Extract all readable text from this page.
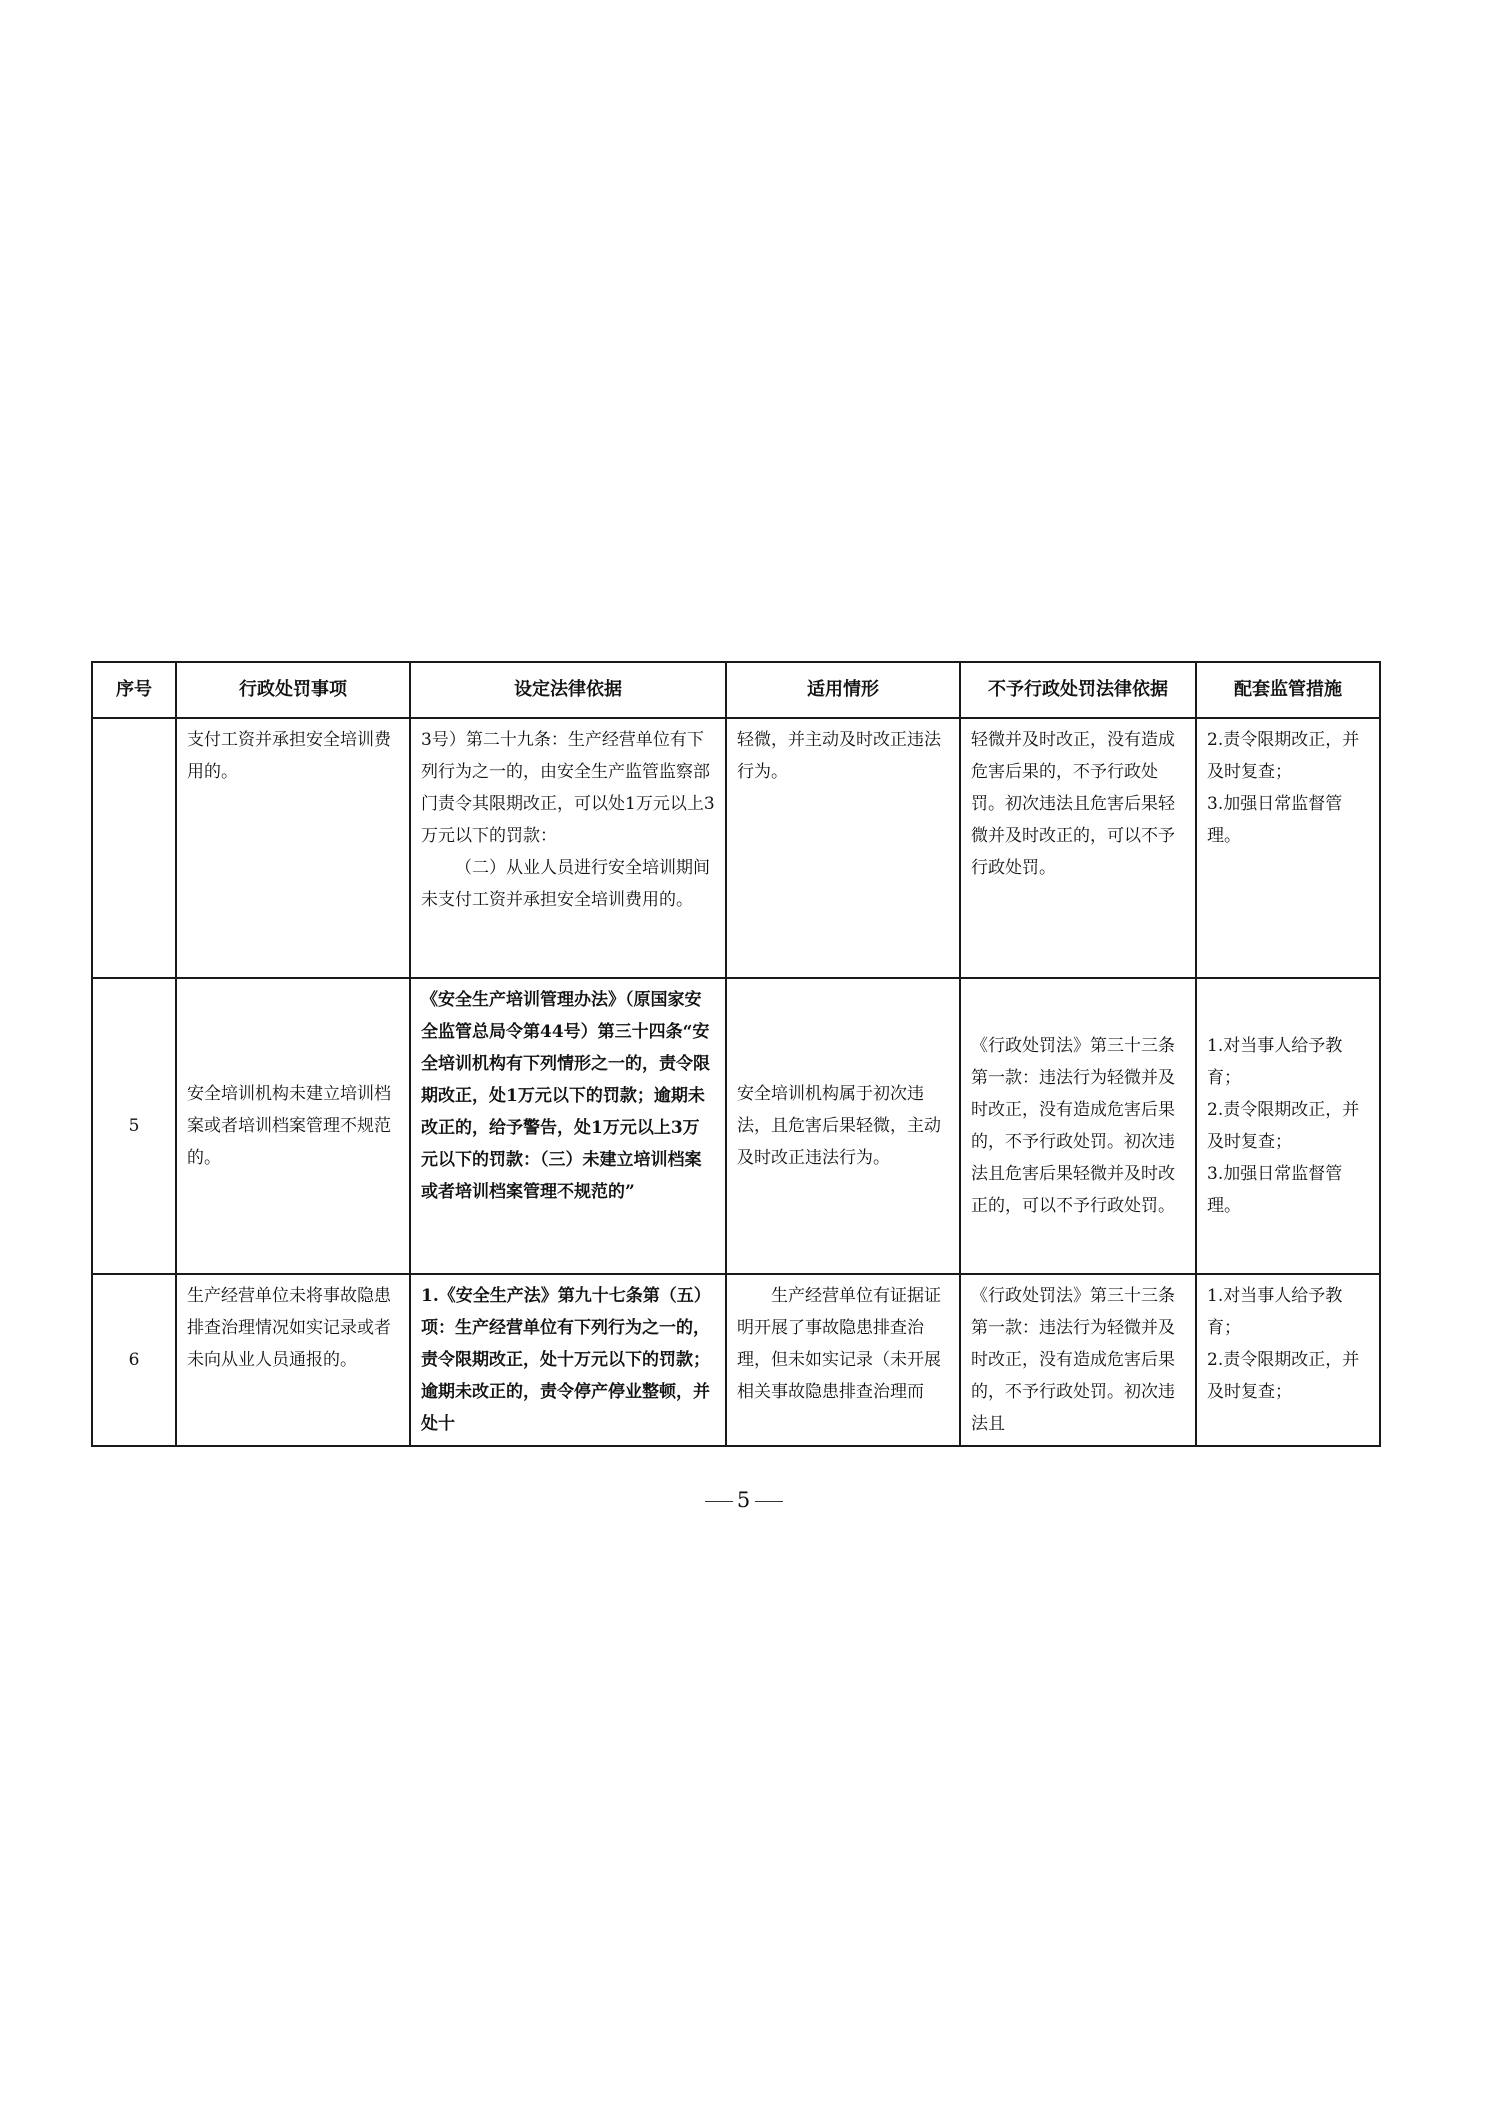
序号	行政处罚事项	设定法律依据	适用情形	不予行政处罚法律依据	配套监管措施
	支付工资并承担安全培训费用的。	3号）第二十九条：生产经营单位有下列行为之一的，由安全生产监管监察部门责令其限期改正，可以处1万元以上3万元以下的罚款：
（二）从业人员进行安全培训期间未支付工资并承担安全培训费用的。	轻微，并主动及时改正违法行为。	轻微并及时改正，没有造成危害后果的，不予行政处罚。初次违法且危害后果轻微并及时改正的，可以不予行政处罚。	2.责令限期改正，并及时复查；
3.加强日常监督管理。

5	安全培训机构未建立培训档案或者培训档案管理不规范的。	《安全生产培训管理办法》（原国家安全监管总局令第44号）第三十四条“安全培训机构有下列情形之一的，责令限期改正，处1万元以下的罚款；逾期未改正的，给予警告，处1万元以上3万元以下的罚款：（三）未建立培训档案或者培训档案管理不规范的”	安全培训机构属于初次违法，且危害后果轻微，主动及时改正违法行为。	《行政处罚法》第三十三条第一款：违法行为轻微并及时改正，没有造成危害后果的，不予行政处罚。初次违法且危害后果轻微并及时改正的，可以不予行政处罚。	1.对当事人给予教育；
2.责令限期改正，并及时复查；
3.加强日常监督管理。

6	生产经营单位未将事故隐患排查治理情况如实记录或者未向从业人员通报的。	1.《安全生产法》第九十七条第（五）项：生产经营单位有下列行为之一的，责令限期改正，处十万元以下的罚款；逾期未改正的，责令停产停业整顿，并处十	生产经营单位有证据证明开展了事故隐患排查治理，但未如实记录（未开展相关事故隐患排查治理而	《行政处罚法》第三十三条第一款：违法行为轻微并及时改正，没有造成危害后果的，不予行政处罚。初次违法且	1.对当事人给予教育；
2.责令限期改正，并及时复查；
5
